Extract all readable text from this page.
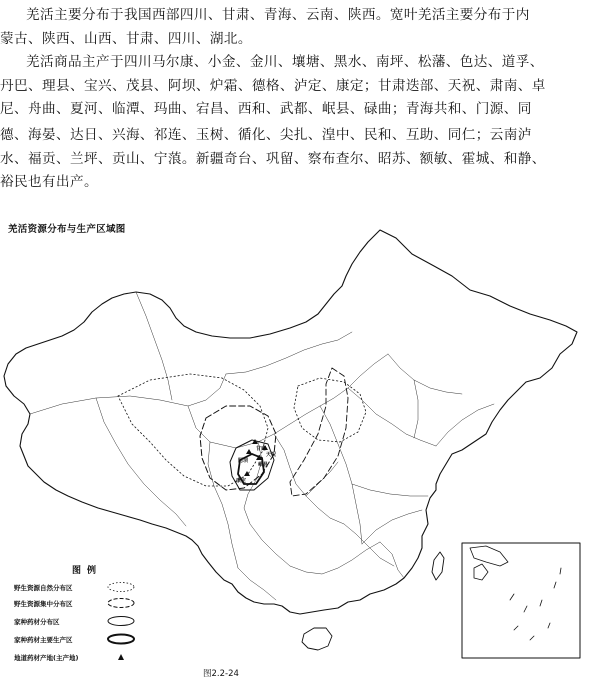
羌活主要分布于我国西部四川、甘肃、青海、云南、陕西。宽叶羌活主要分布于内
蒙古、陕西、山西、甘肃、四川、湖北。
羌活商品主产于四川马尔康、小金、金川、壤塘、黑水、南坪、松藩、色达、道孚、
丹巴、理县、宝兴、茂县、阿坝、炉霜、德格、泸定、康定；甘肃迭部、天祝、肃南、卓
尼、舟曲、夏河、临潭、玛曲、宕昌、西和、武都、岷县、碌曲；青海共和、门源、同
德、海晏、达日、兴海、祁连、玉树、循化、尖扎、湟中、民和、互助、同仁；云南泸
水、福贡、兰坪、贡山、宁蒗。新疆奇台、巩留、察布查尔、昭苏、额敏、霍城、和静、
裕民也有出产。
羌活资源分布与生产区域图
甘南
天祝
岷县
阿坝
康定
图例
野生资源自然分布区
野生资源集中分布区
家种药材分布区
家种药材主要生产区
地道药材产地(主产地)
图2.2-24
